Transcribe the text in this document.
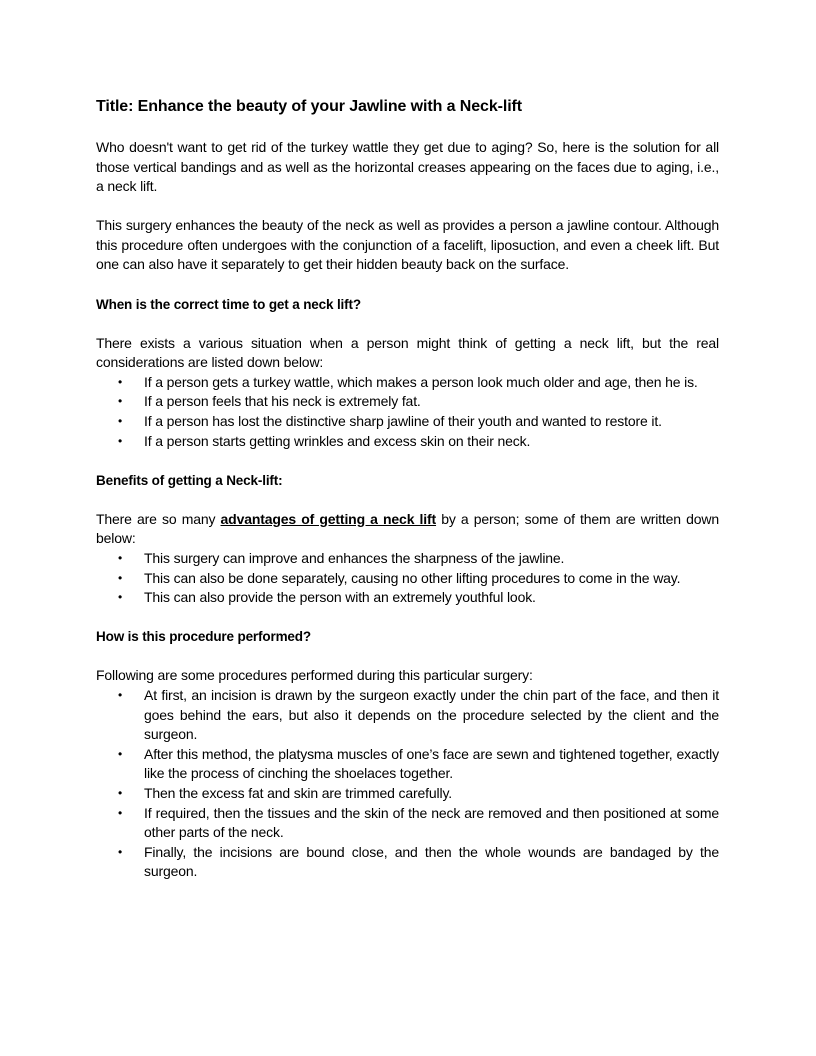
Title: Enhance the beauty of your Jawline with a Neck-lift

Who doesn't want to get rid of the turkey wattle they get due to aging? So, here is the solution for all those vertical bandings and as well as the horizontal creases appearing on the faces due to aging, i.e., a neck lift.

This surgery enhances the beauty of the neck as well as provides a person a jawline contour. Although this procedure often undergoes with the conjunction of a facelift, liposuction, and even a cheek lift. But one can also have it separately to get their hidden beauty back on the surface.

When is the correct time to get a neck lift?

There exists a various situation when a person might think of getting a neck lift, but the real considerations are listed down below:

• If a person gets a turkey wattle, which makes a person look much older and age, then he is.
• If a person feels that his neck is extremely fat.
• If a person has lost the distinctive sharp jawline of their youth and wanted to restore it.
• If a person starts getting wrinkles and excess skin on their neck.
Benefits of getting a Neck-lift:

There are so many advantages of getting a neck lift by a person; some of them are written down below:

• This surgery can improve and enhances the sharpness of the jawline.
• This can also be done separately, causing no other lifting procedures to come in the way.
• This can also provide the person with an extremely youthful look.
How is this procedure performed?

Following are some procedures performed during this particular surgery:

• At first, an incision is drawn by the surgeon exactly under the chin part of the face, and then it goes behind the ears, but also it depends on the procedure selected by the client and the surgeon.
• After this method, the platysma muscles of one’s face are sewn and tightened together, exactly like the process of cinching the shoelaces together.
• Then the excess fat and skin are trimmed carefully.
• If required, then the tissues and the skin of the neck are removed and then positioned at some other parts of the neck.
• Finally, the incisions are bound close, and then the whole wounds are bandaged by the surgeon.
